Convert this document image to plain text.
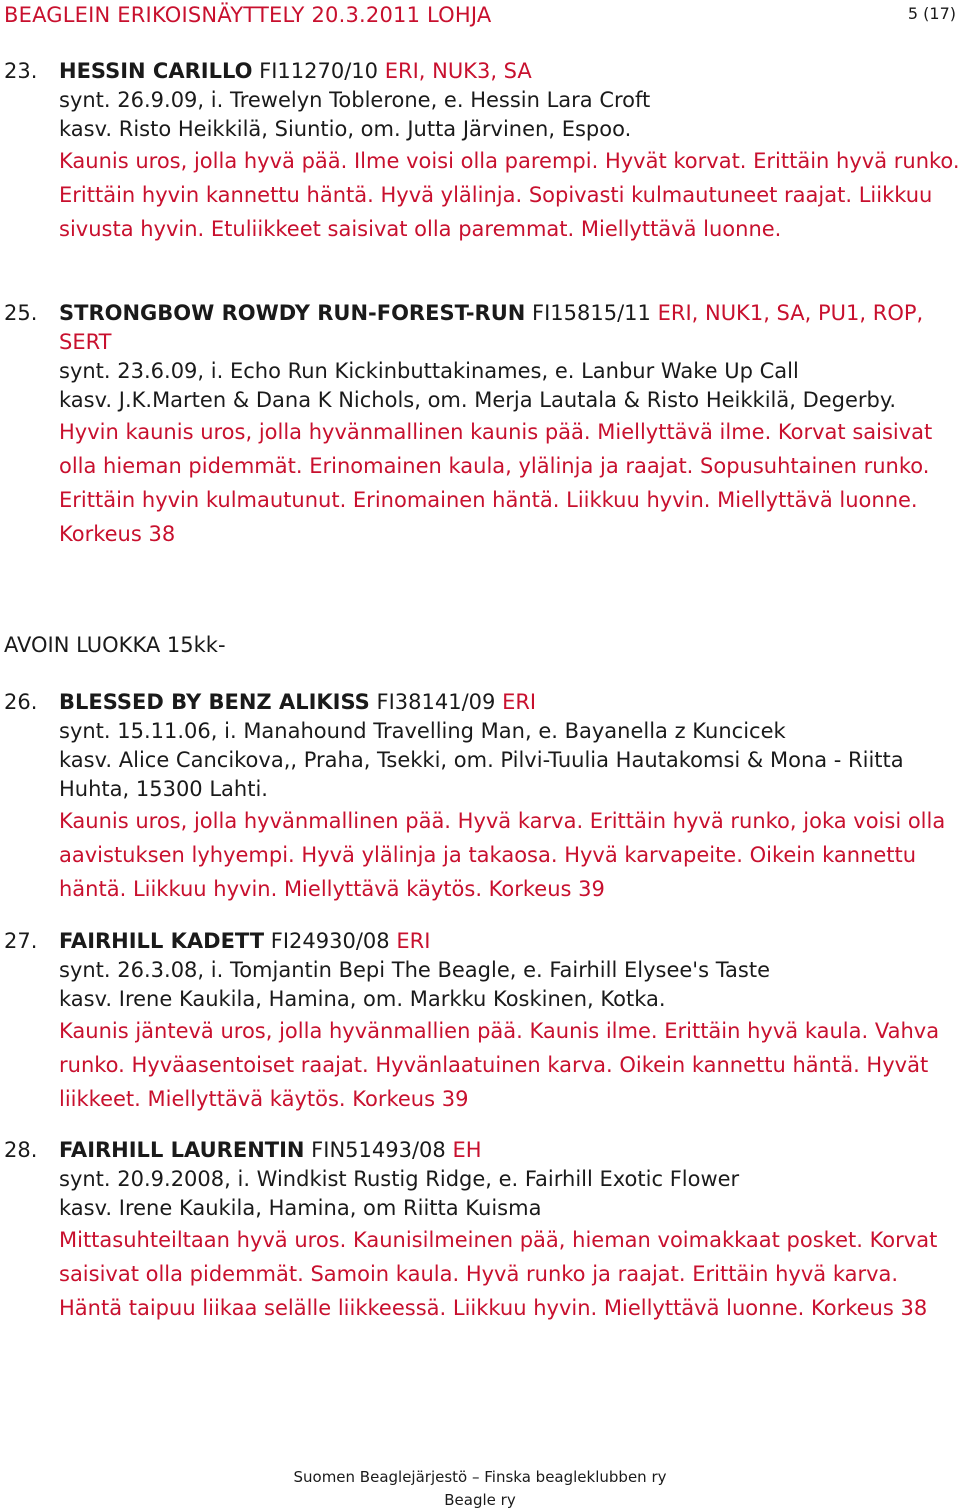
BEAGLEIN ERIKOISNÄYTTELY 20.3.2011 LOHJA	5 (17)
23. HESSIN CARILLO FI11270/10 ERI, NUK3, SA
synt. 26.9.09, i. Trewelyn Toblerone, e. Hessin Lara Croft
kasv. Risto Heikkilä, Siuntio, om. Jutta Järvinen, Espoo.
Kaunis uros, jolla hyvä pää. Ilme voisi olla parempi. Hyvät korvat. Erittäin hyvä runko. Erittäin hyvin kannettu häntä. Hyvä ylälinja. Sopivasti kulmautuneet raajat. Liikkuu sivusta hyvin. Etuliikkeet saisivat olla paremmat. Miellyttävä luonne.
25. STRONGBOW ROWDY RUN-FOREST-RUN FI15815/11 ERI, NUK1, SA, PU1, ROP, SERT
synt. 23.6.09, i. Echo Run Kickinbuttakinames, e. Lanbur Wake Up Call
kasv. J.K.Marten & Dana K Nichols, om. Merja Lautala & Risto Heikkilä, Degerby.
Hyvin kaunis uros, jolla hyvänmallinen kaunis pää. Miellyttävä ilme. Korvat saisivat olla hieman pidemmät. Erinomainen kaula, ylälinja ja raajat. Sopusuhtainen runko. Erittäin hyvin kulmautunut. Erinomainen häntä. Liikkuu hyvin. Miellyttävä luonne. Korkeus 38
AVOIN LUOKKA 15kk-
26. BLESSED BY BENZ ALIKISS FI38141/09 ERI
synt. 15.11.06, i. Manahound Travelling Man, e. Bayanella z Kuncicek
kasv. Alice Cancikova,, Praha, Tsekki, om. Pilvi-Tuulia Hautakomsi & Mona - Riitta Huhta, 15300 Lahti.
Kaunis uros, jolla hyvänmallinen pää. Hyvä karva. Erittäin hyvä runko, joka voisi olla aavistuksen lyhyempi. Hyvä ylälinja ja takaosa. Hyvä karvapeite. Oikein kannettu häntä. Liikkuu hyvin. Miellyttävä käytös. Korkeus 39
27. FAIRHILL KADETT FI24930/08 ERI
synt. 26.3.08, i. Tomjantin Bepi The Beagle, e. Fairhill Elysee's Taste
kasv. Irene Kaukila, Hamina, om. Markku Koskinen, Kotka.
Kaunis jäntevä uros, jolla hyvänmallien pää. Kaunis ilme. Erittäin hyvä kaula. Vahva runko. Hyväasentoiset raajat. Hyvänlaatuinen karva. Oikein kannettu häntä. Hyvät liikkeet. Miellyttävä käytös. Korkeus 39
28. FAIRHILL LAURENTIN FIN51493/08 EH
synt. 20.9.2008, i. Windkist Rustig Ridge, e. Fairhill Exotic Flower
kasv. Irene Kaukila, Hamina, om Riitta Kuisma
Mittasuhteiltaan hyvä uros. Kaunisilmeinen pää, hieman voimakkaat posket. Korvat saisivat olla pidemmät. Samoin kaula. Hyvä runko ja raajat. Erittäin hyvä karva. Häntä taipuu liikaa selälle liikkeessä. Liikkuu hyvin. Miellyttävä luonne. Korkeus 38
Suomen Beaglejärjestö – Finska beagleklubben ry
Beagle ry
